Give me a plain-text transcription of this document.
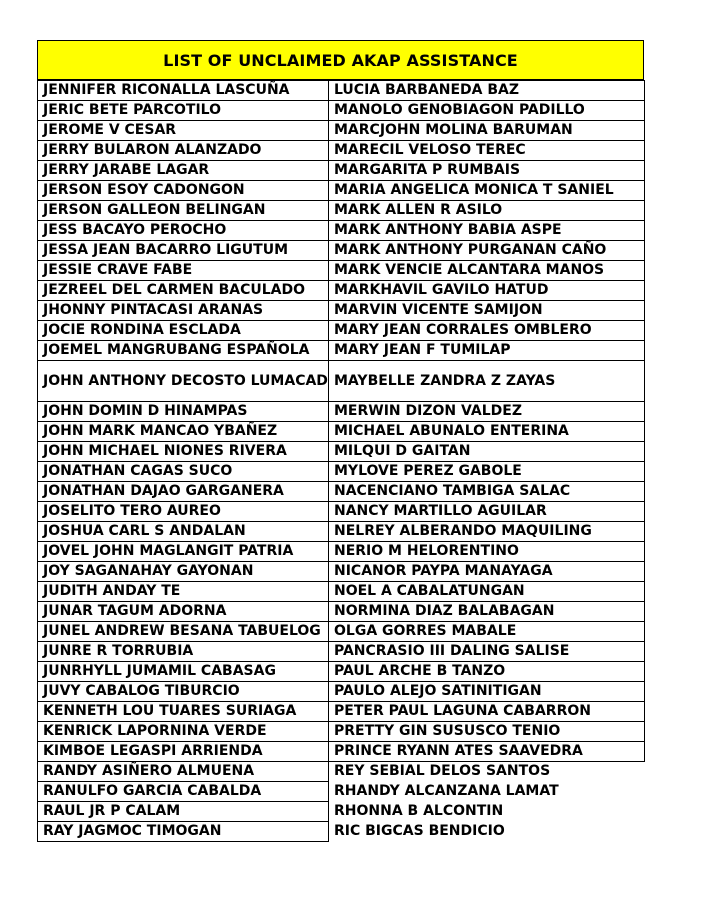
LIST OF UNCLAIMED AKAP ASSISTANCE
JENNIFER RICONALLA LASCUÑA	LUCIA BARBANEDA BAZ
JERIC BETE PARCOTILO	MANOLO GENOBIAGON PADILLO
JEROME V CESAR	MARCJOHN MOLINA BARUMAN
JERRY BULARON ALANZADO	MARECIL VELOSO TEREC
JERRY JARABE LAGAR	MARGARITA P RUMBAIS
JERSON ESOY CADONGON	MARIA ANGELICA MONICA T SANIEL
JERSON GALLEON BELINGAN	MARK ALLEN R ASILO
JESS BACAYO PEROCHO	MARK ANTHONY BABIA ASPE
JESSA JEAN BACARRO LIGUTUM	MARK ANTHONY PURGANAN CAÑO
JESSIE CRAVE FABE	MARK VENCIE ALCANTARA MANOS
JEZREEL DEL CARMEN BACULADO	MARKHAVIL GAVILO HATUD
JHONNY PINTACASI ARANAS	MARVIN VICENTE SAMIJON
JOCIE RONDINA ESCLADA	MARY JEAN CORRALES OMBLERO
JOEMEL MANGRUBANG ESPAÑOLA	MARY JEAN F TUMILAP
JOHN ANTHONY DECOSTO LUMACAD	MAYBELLE ZANDRA Z ZAYAS
JOHN DOMIN D HINAMPAS	MERWIN DIZON VALDEZ
JOHN MARK MANCAO YBAÑEZ	MICHAEL ABUNALO ENTERINA
JOHN MICHAEL NIONES RIVERA	MILQUI D GAITAN
JONATHAN CAGAS SUCO	MYLOVE PEREZ GABOLE
JONATHAN DAJAO GARGANERA	NACENCIANO TAMBIGA SALAC
JOSELITO TERO AUREO	NANCY MARTILLO AGUILAR
JOSHUA CARL S ANDALAN	NELREY ALBERANDO MAQUILING
JOVEL JOHN MAGLANGIT PATRIA	NERIO M HELORENTINO
JOY SAGANAHAY GAYONAN	NICANOR PAYPA MANAYAGA
JUDITH ANDAY TE	NOEL A CABALATUNGAN
JUNAR TAGUM ADORNA	NORMINA DIAZ BALABAGAN
JUNEL ANDREW BESANA TABUELOG	OLGA GORRES MABALE
JUNRE R TORRUBIA	PANCRASIO III DALING SALISE
JUNRHYLL JUMAMIL CABASAG	PAUL ARCHE B TANZO
JUVY CABALOG TIBURCIO	PAULO ALEJO SATINITIGAN
KENNETH LOU TUARES SURIAGA	PETER PAUL LAGUNA CABARRON
KENRICK LAPORNINA VERDE	PRETTY GIN SUSUSCO TENIO
KIMBOE LEGASPI ARRIENDA	PRINCE RYANN ATES SAAVEDRA
RANDY ASIÑERO ALMUENA	REY SEBIAL DELOS SANTOS
RANULFO GARCIA CABALDA	RHANDY ALCANZANA LAMAT
RAUL JR P CALAM	RHONNA B ALCONTIN
RAY JAGMOC TIMOGAN	RIC BIGCAS BENDICIO
